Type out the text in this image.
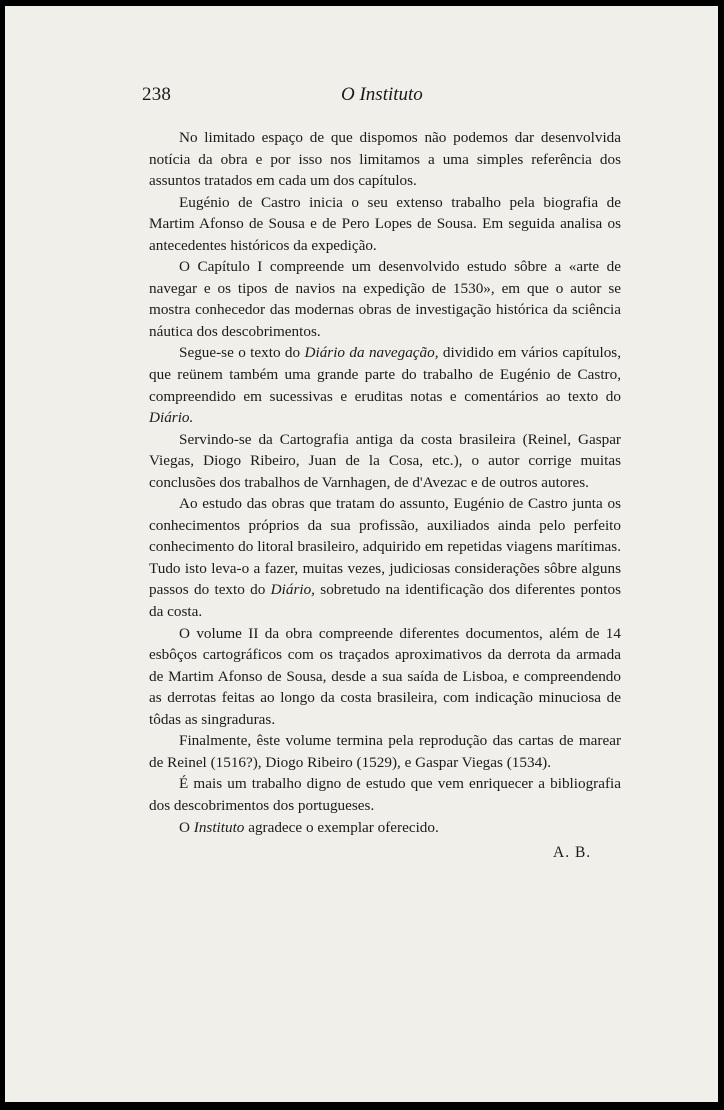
238	O Instituto

No limitado espaço de que dispomos não podemos dar desenvolvida notícia da obra e por isso nos limitamos a uma simples referência dos assuntos tratados em cada um dos capítulos.

Eugénio de Castro inicia o seu extenso trabalho pela biografia de Martim Afonso de Sousa e de Pero Lopes de Sousa. Em seguida analisa os antecedentes históricos da expedição.

O Capítulo I compreende um desenvolvido estudo sôbre a «arte de navegar e os tipos de navios na expedição de 1530», em que o autor se mostra conhecedor das modernas obras de investigação histórica da sciência náutica dos descobrimentos.

Segue-se o texto do Diário da navegação, dividido em vários capítulos, que reünem também uma grande parte do trabalho de Eugénio de Castro, compreendido em sucessivas e eruditas notas e comentários ao texto do Diário.

Servindo-se da Cartografia antiga da costa brasileira (Reinel, Gaspar Viegas, Diogo Ribeiro, Juan de la Cosa, etc.), o autor corrige muitas conclusões dos trabalhos de Varnhagen, de d'Avezac e de outros autores.

Ao estudo das obras que tratam do assunto, Eugénio de Castro junta os conhecimentos próprios da sua profissão, auxiliados ainda pelo perfeito conhecimento do litoral brasileiro, adquirido em repetidas viagens marítimas. Tudo isto leva-o a fazer, muitas vezes, judiciosas considerações sôbre alguns passos do texto do Diário, sobretudo na identificação dos diferentes pontos da costa.

O volume II da obra compreende diferentes documentos, além de 14 esbôços cartográficos com os traçados aproximativos da derrota da armada de Martim Afonso de Sousa, desde a sua saída de Lisboa, e compreendendo as derrotas feitas ao longo da costa brasileira, com indicação minuciosa de tôdas as singraduras.

Finalmente, êste volume termina pela reprodução das cartas de marear de Reinel (1516?), Diogo Ribeiro (1529), e Gaspar Viegas (1534).

É mais um trabalho digno de estudo que vem enriquecer a bibliografia dos descobrimentos dos portugueses.

O Instituto agradece o exemplar oferecido.

A. B.
